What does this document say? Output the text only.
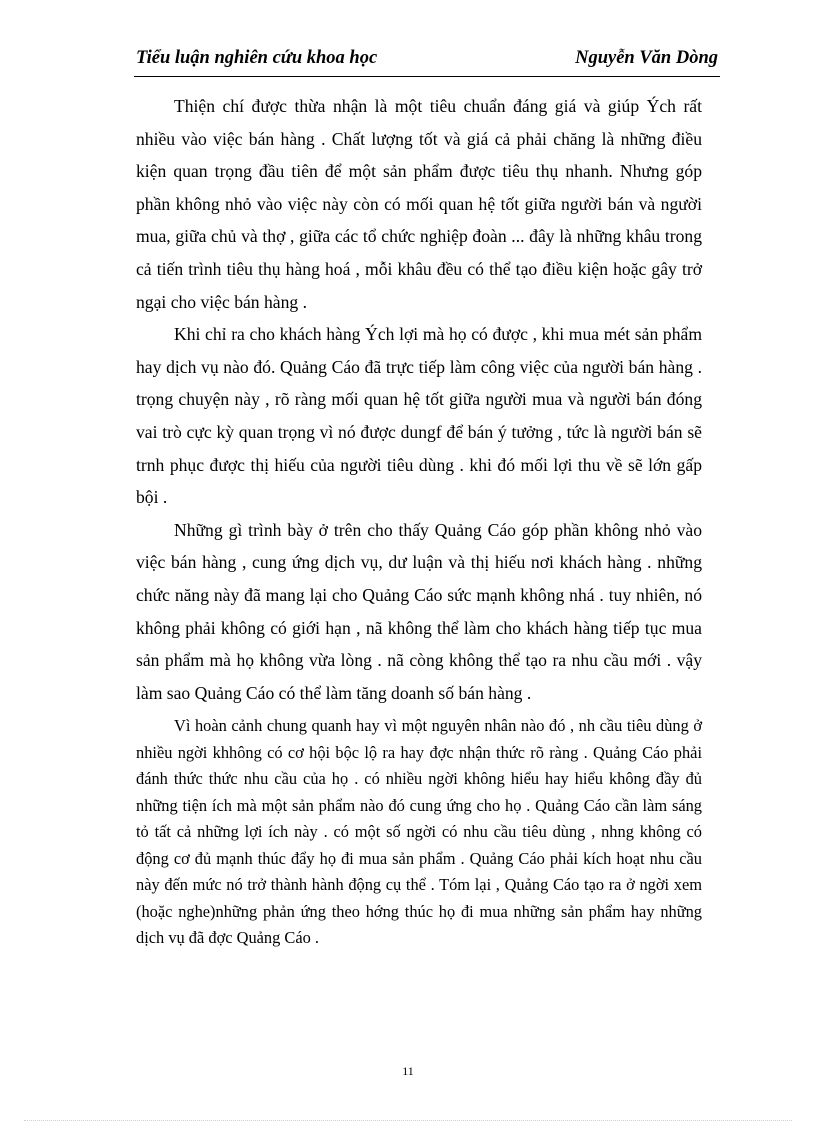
Tiểu luận nghiên cứu khoa học	Nguyễn Văn Dòng

Thiện chí được thừa nhận là một tiêu chuẩn đáng giá và giúp Ých rất nhiều vào việc bán hàng . Chất lượng tốt và giá cả phải chăng là những điều kiện quan trọng đầu tiên để một sản phẩm được tiêu thụ nhanh. Nhưng góp phần không nhỏ vào việc này còn có mối quan hệ tốt giữa người bán và người mua, giữa chủ và thợ , giữa các tổ chức nghiệp đoàn ... đây là những khâu trong cả tiến trình tiêu thụ hàng hoá , mỗi khâu đều có thể tạo điều kiện hoặc gây trở ngại cho việc bán hàng .

Khi chỉ ra cho khách hàng Ých lợi mà họ có được , khi mua mét sản phẩm hay dịch vụ nào đó. Quảng Cáo đã trực tiếp làm công việc của người bán hàng . trọng chuyện này , rõ ràng mối quan hệ tốt giữa người mua và người bán đóng vai trò cực kỳ quan trọng vì nó được dungf để bán ý tưởng , tức là người bán sẽ trnh phục được thị hiếu của người tiêu dùng . khi đó mối lợi thu về sẽ lớn gấp bội .

Những gì trình bày ở trên cho thấy Quảng Cáo góp phần không nhỏ vào việc bán hàng , cung ứng dịch vụ, dư luận và thị hiếu nơi khách hàng . những chức năng này đã mang lại cho Quảng Cáo sức mạnh không nhá . tuy nhiên, nó không phải không có giới hạn , nã không thể làm cho khách hàng tiếp tục mua sản phẩm mà họ không vừa lòng . nã còng không thể tạo ra nhu cầu mới . vậy làm sao Quảng Cáo có thể làm tăng doanh số bán hàng .

Vì hoàn cảnh chung quanh hay vì một nguyên nhân nào đó , nh cầu tiêu dùng ở nhiều ngời khhông có cơ hội bộc lộ ra hay đợc nhận thức rõ ràng . Quảng Cáo phải đánh thức thức nhu cầu của họ . có nhiều ngời không hiểu hay hiểu không đầy đủ những tiện ích mà một sản phẩm nào đó cung ứng cho họ . Quảng Cáo cần làm sáng tỏ tất cả những lợi ích này . có một số ngời có nhu cầu tiêu dùng , nhng không có động cơ đủ mạnh thúc đẩy họ đi mua sản phẩm . Quảng Cáo phải kích hoạt nhu cầu này đến mức nó trở thành hành động cụ thể . Tóm lại , Quảng Cáo tạo ra ở ngời xem (hoặc nghe)những phản ứng theo hớng thúc họ đi mua những sản phẩm hay những dịch vụ đã đợc Quảng Cáo .

11
